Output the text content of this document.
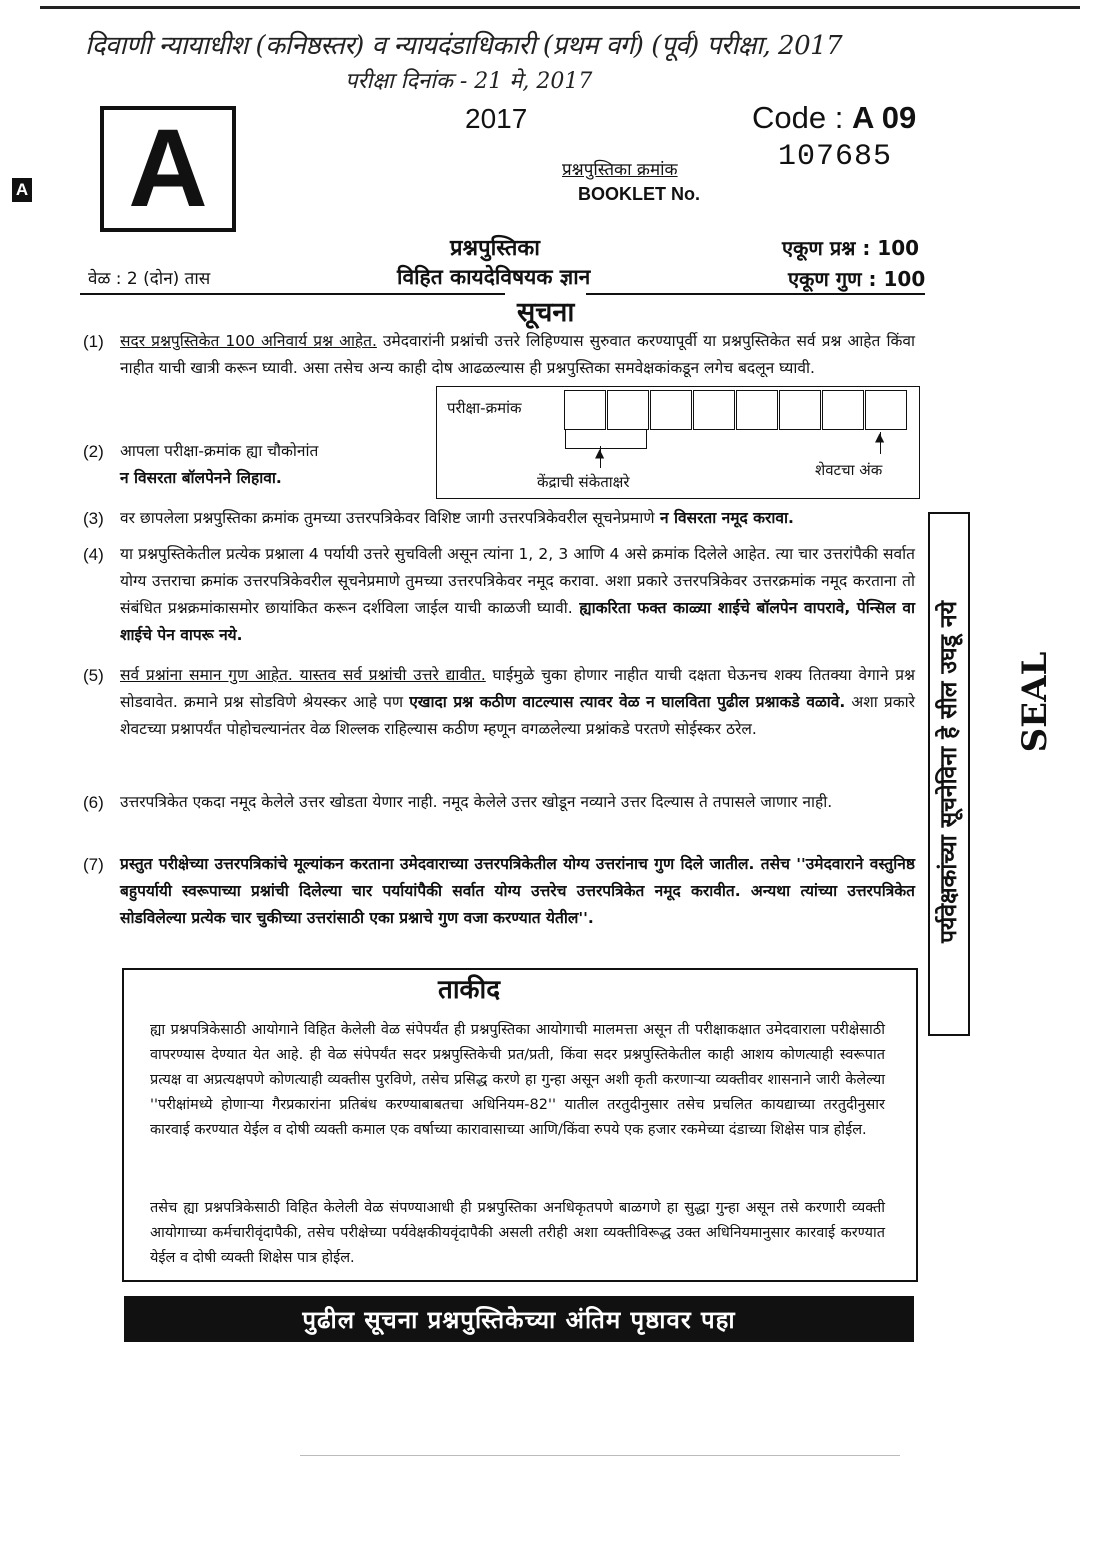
दिवाणी न्यायाधीश (कनिष्ठस्तर) व न्यायदंडाधिकारी (प्रथम वर्ग) (पूर्व) परीक्षा, 2017
परीक्षा दिनांक - 21 मे, 2017
A A	2017	Code : A 09
107685
प्रश्नपुस्तिका क्रमांक
BOOKLET No.
प्रश्नपुस्तिका
विहित कायदेविषयक ज्ञान
एकूण प्रश्न : 100
एकूण गुण : 100
वेळ : 2 (दोन) तास
सूचना
(1) सदर प्रश्नपुस्तिकेत 100 अनिवार्य प्रश्न आहेत. उमेदवारांनी प्रश्नांची उत्तरे लिहिण्यास सुरुवात करण्यापूर्वी या प्रश्नपुस्तिकेत सर्व प्रश्न आहेत किंवा नाहीत याची खात्री करून घ्यावी. असा तसेच अन्य काही दोष आढळल्यास ही प्रश्नपुस्तिका समवेक्षकांकडून लगेच बदलून घ्यावी.
(2) आपला परीक्षा-क्रमांक ह्या चौकोनांत
न विसरता बॉलपेनने लिहावा.
परीक्षा-क्रमांक
▲
▲
केंद्राची संकेताक्षरे
शेवटचा अंक
(3) वर छापलेला प्रश्नपुस्तिका क्रमांक तुमच्या उत्तरपत्रिकेवर विशिष्ट जागी उत्तरपत्रिकेवरील सूचनेप्रमाणे न विसरता नमूद करावा.
(4) या प्रश्नपुस्तिकेतील प्रत्येक प्रश्नाला 4 पर्यायी उत्तरे सुचविली असून त्यांना 1, 2, 3 आणि 4 असे क्रमांक दिलेले आहेत. त्या चार उत्तरांपैकी सर्वात योग्य उत्तराचा क्रमांक उत्तरपत्रिकेवरील सूचनेप्रमाणे तुमच्या उत्तरपत्रिकेवर नमूद करावा. अशा प्रकारे उत्तरपत्रिकेवर उत्तरक्रमांक नमूद करताना तो संबंधित प्रश्नक्रमांकासमोर छायांकित करून दर्शविला जाईल याची काळजी घ्यावी. ह्याकरिता फक्त काळ्या शाईचे बॉलपेन वापरावे, पेन्सिल वा शाईचे पेन वापरू नये.
(5) सर्व प्रश्नांना समान गुण आहेत. यास्तव सर्व प्रश्नांची उत्तरे द्यावीत. घाईमुळे चुका होणार नाहीत याची दक्षता घेऊनच शक्य तितक्या वेगाने प्रश्न सोडवावेत. क्रमाने प्रश्न सोडविणे श्रेयस्कर आहे पण एखादा प्रश्न कठीण वाटल्यास त्यावर वेळ न घालविता पुढील प्रश्नाकडे वळावे. अशा प्रकारे शेवटच्या प्रश्नापर्यंत पोहोचल्यानंतर वेळ शिल्लक राहिल्यास कठीण म्हणून वगळलेल्या प्रश्नांकडे परतणे सोईस्कर ठरेल.
(6) उत्तरपत्रिकेत एकदा नमूद केलेले उत्तर खोडता येणार नाही. नमूद केलेले उत्तर खोडून नव्याने उत्तर दिल्यास ते तपासले जाणार नाही.
(7) प्रस्तुत परीक्षेच्या उत्तरपत्रिकांचे मूल्यांकन करताना उमेदवाराच्या उत्तरपत्रिकेतील योग्य उत्तरांनाच गुण दिले जातील. तसेच ''उमेदवाराने वस्तुनिष्ठ बहुपर्यायी स्वरूपाच्या प्रश्नांची दिलेल्या चार पर्यायांपैकी सर्वात योग्य उत्तरेच उत्तरपत्रिकेत नमूद करावीत. अन्यथा त्यांच्या उत्तरपत्रिकेत सोडविलेल्या प्रत्येक चार चुकीच्या उत्तरांसाठी एका प्रश्नाचे गुण वजा करण्यात येतील''.	पर्यवेक्षकांच्या सूचनेविना हे सील उघडू नये SEAL
ताकीद
ह्या प्रश्नपत्रिकेसाठी आयोगाने विहित केलेली वेळ संपेपर्यंत ही प्रश्नपुस्तिका आयोगाची मालमत्ता असून ती परीक्षाकक्षात उमेदवाराला परीक्षेसाठी वापरण्यास देण्यात येत आहे. ही वेळ संपेपर्यंत सदर प्रश्नपुस्तिकेची प्रत/प्रती, किंवा सदर प्रश्नपुस्तिकेतील काही आशय कोणत्याही स्वरूपात प्रत्यक्ष वा अप्रत्यक्षपणे कोणत्याही व्यक्तीस पुरविणे, तसेच प्रसिद्ध करणे हा गुन्हा असून अशी कृती करणाऱ्या व्यक्तीवर शासनाने जारी केलेल्या ''परीक्षांमध्ये होणाऱ्या गैरप्रकारांना प्रतिबंध करण्याबाबतचा अधिनियम-82'' यातील तरतुदीनुसार तसेच प्रचलित कायद्याच्या तरतुदीनुसार कारवाई करण्यात येईल व दोषी व्यक्ती कमाल एक वर्षाच्या कारावासाच्या आणि/किंवा रुपये एक हजार रकमेच्या दंडाच्या शिक्षेस पात्र होईल.
तसेच ह्या प्रश्नपत्रिकेसाठी विहित केलेली वेळ संपण्याआधी ही प्रश्नपुस्तिका अनधिकृतपणे बाळगणे हा सुद्धा गुन्हा असून तसे करणारी व्यक्ती आयोगाच्या कर्मचारीवृंदापैकी, तसेच परीक्षेच्या पर्यवेक्षकीयवृंदापैकी असली तरीही अशा व्यक्तीविरूद्ध उक्त अधिनियमानुसार कारवाई करण्यात येईल व दोषी व्यक्ती शिक्षेस पात्र होईल.
पुढील सूचना प्रश्नपुस्तिकेच्या अंतिम पृष्ठावर पहा
